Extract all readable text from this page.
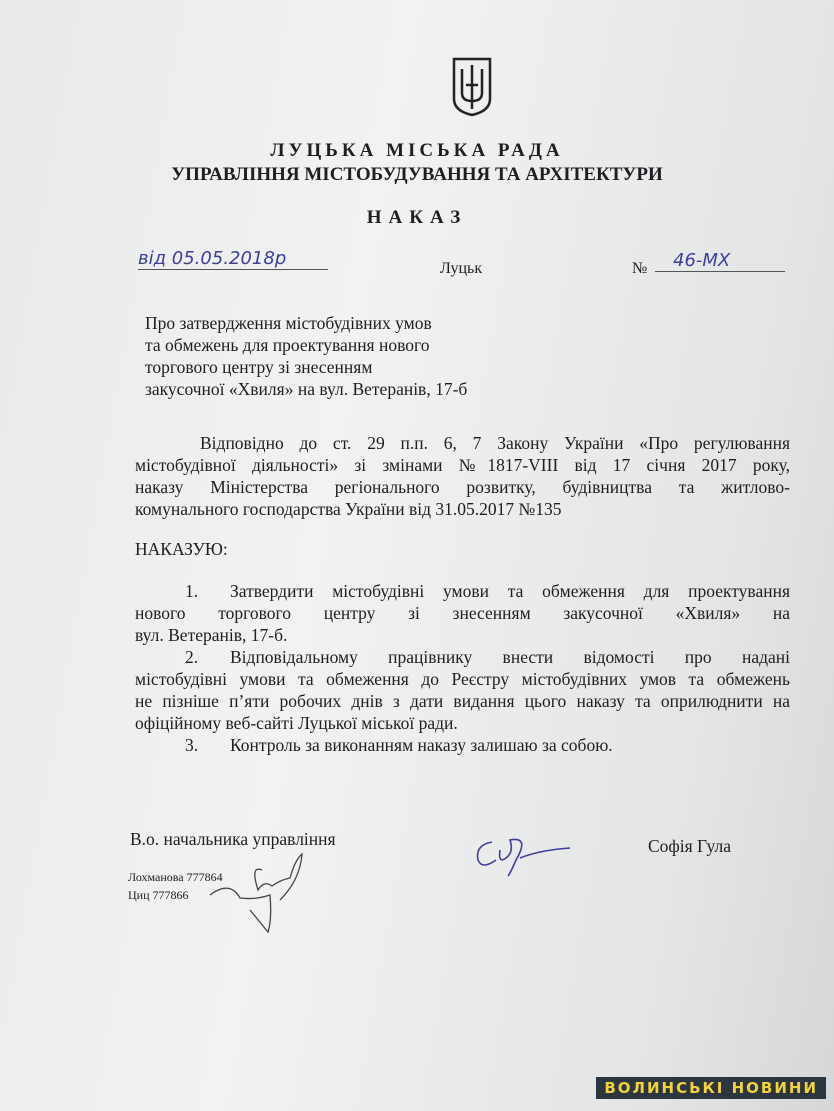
ЛУЦЬКА МІСЬКА РАДА
УПРАВЛІННЯ МІСТОБУДУВАННЯ ТА АРХІТЕКТУРИ
НАКАЗ
від 05.05.2018р	Луцьк	№	46-МХ
Про затвердження містобудівних умов
та обмежень для проектування нового
торгового центру зі знесенням
закусочної «Хвиля» на вул. Ветеранів, 17-б
Відповідно до ст. 29 п.п. 6, 7 Закону України «Про регулювання
містобудівної діяльності» зі змінами №1817-VIII від 17 січня 2017 року,
наказу Міністерства регіонального розвитку, будівництва та житлово-
комунального господарства України від 31.05.2017 №135
НАКАЗУЮ:
1. Затвердити містобудівні умови та обмеження для проектування
нового торгового центру зі знесенням закусочної «Хвиля» на
вул. Ветеранів, 17-б.
2. Відповідальному працівнику внести відомості про надані
містобудівні умови та обмеження до Реєстру містобудівних умов та обмежень
не пізніше п’яти робочих днів з дати видання цього наказу та оприлюднити на
офіційному веб-сайті Луцької міської ради.
3. Контроль за виконанням наказу залишаю за собою.
В.о. начальника управління	Софія Гула
Лохманова 777864
Циц 777866
ВОЛИНСЬКІ НОВИНИ
